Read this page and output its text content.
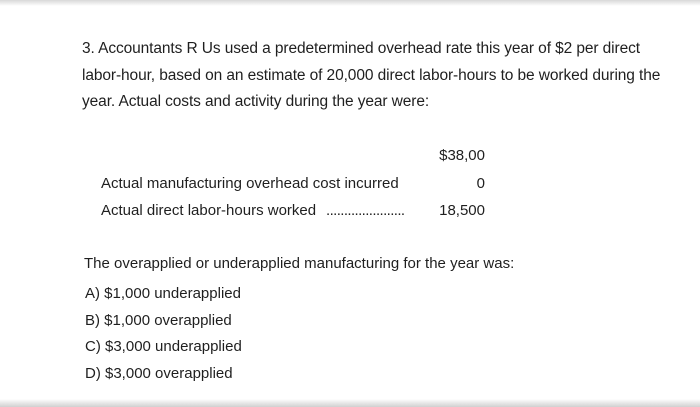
3. Accountants R Us used a predetermined overhead rate this year of $2 per direct
labor-hour, based on an estimate of 20,000 direct labor-hours to be worked during the
year. Actual costs and activity during the year were:
$38,00
Actual manufacturing overhead cost incurred	0
Actual direct labor-hours worked ...................... 18,500
The overapplied or underapplied manufacturing for the year was:
A) $1,000 underapplied
B) $1,000 overapplied
C) $3,000 underapplied
D) $3,000 overapplied
